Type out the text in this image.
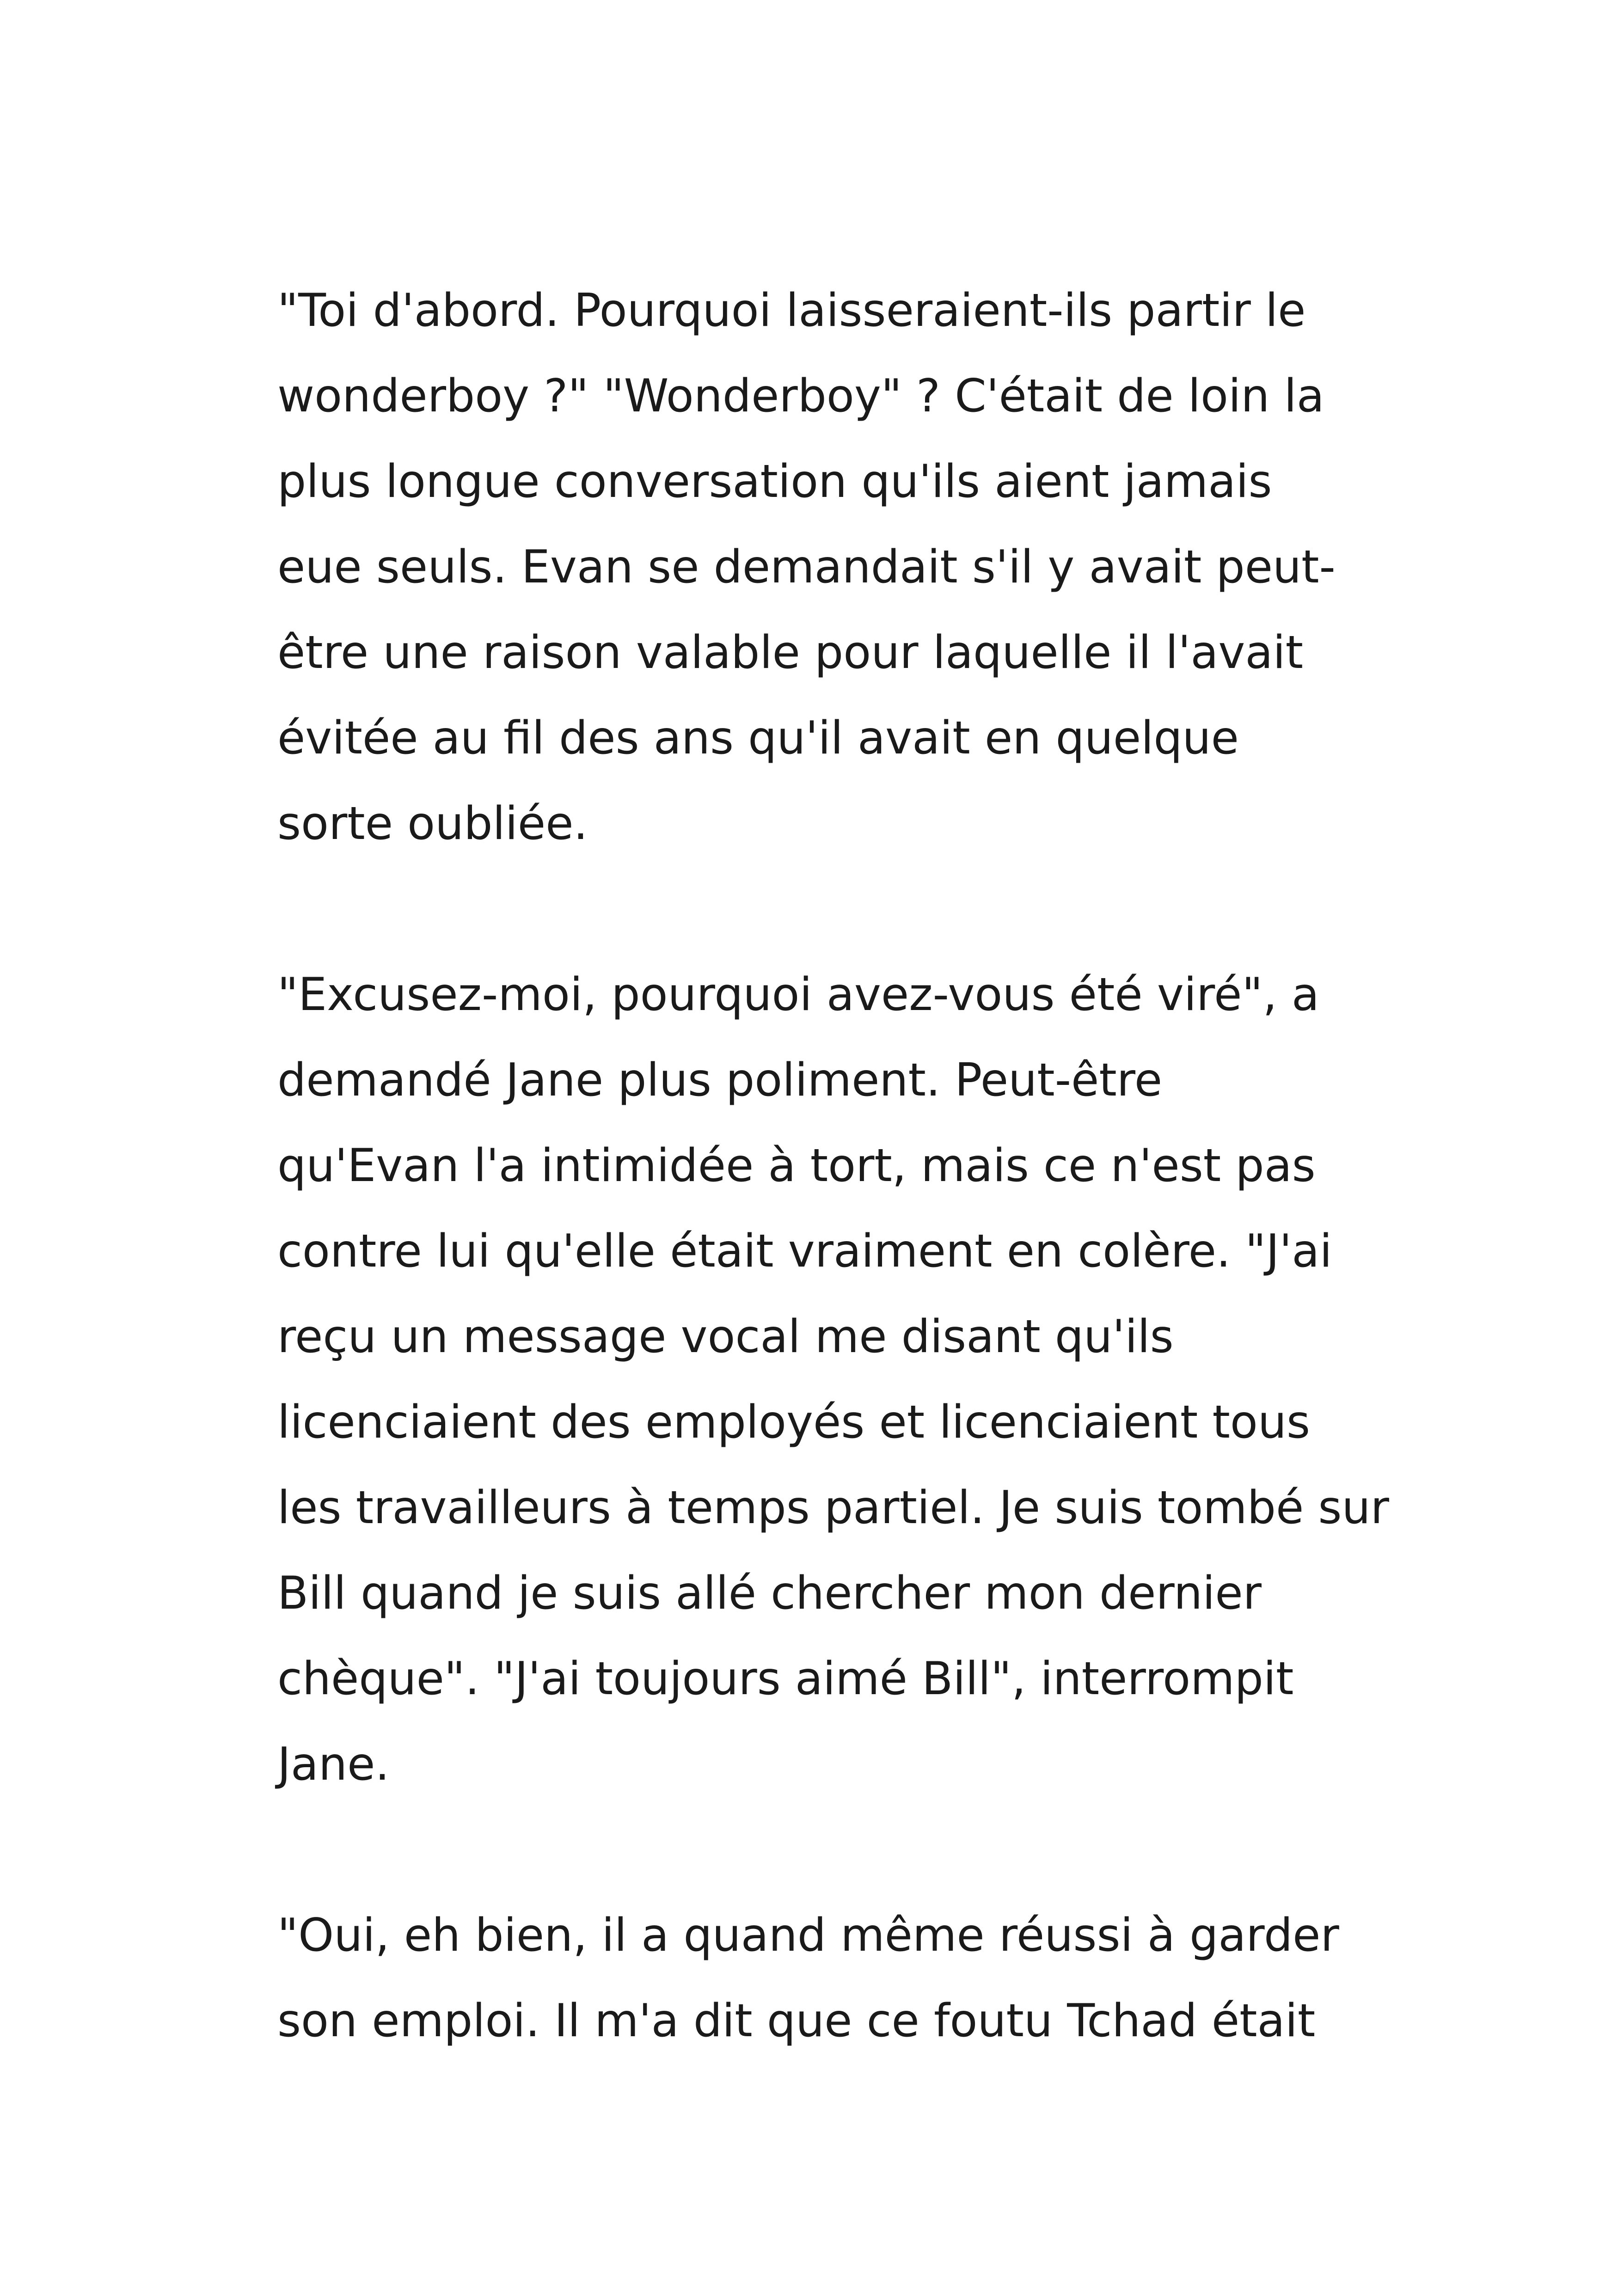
"Toi d'abord. Pourquoi laisseraient-ils partir le
wonderboy ?" "Wonderboy" ? C'était de loin la
plus longue conversation qu'ils aient jamais
eue seuls. Evan se demandait s'il y avait peut-
être une raison valable pour laquelle il l'avait
évitée au fil des ans qu'il avait en quelque
sorte oubliée.
"Excusez-moi, pourquoi avez-vous été viré", a
demandé Jane plus poliment. Peut-être
qu'Evan l'a intimidée à tort, mais ce n'est pas
contre lui qu'elle était vraiment en colère. "J'ai
reçu un message vocal me disant qu'ils
licenciaient des employés et licenciaient tous
les travailleurs à temps partiel. Je suis tombé sur
Bill quand je suis allé chercher mon dernier
chèque". "J'ai toujours aimé Bill", interrompit
Jane.
"Oui, eh bien, il a quand même réussi à garder
son emploi. Il m'a dit que ce foutu Tchad était
